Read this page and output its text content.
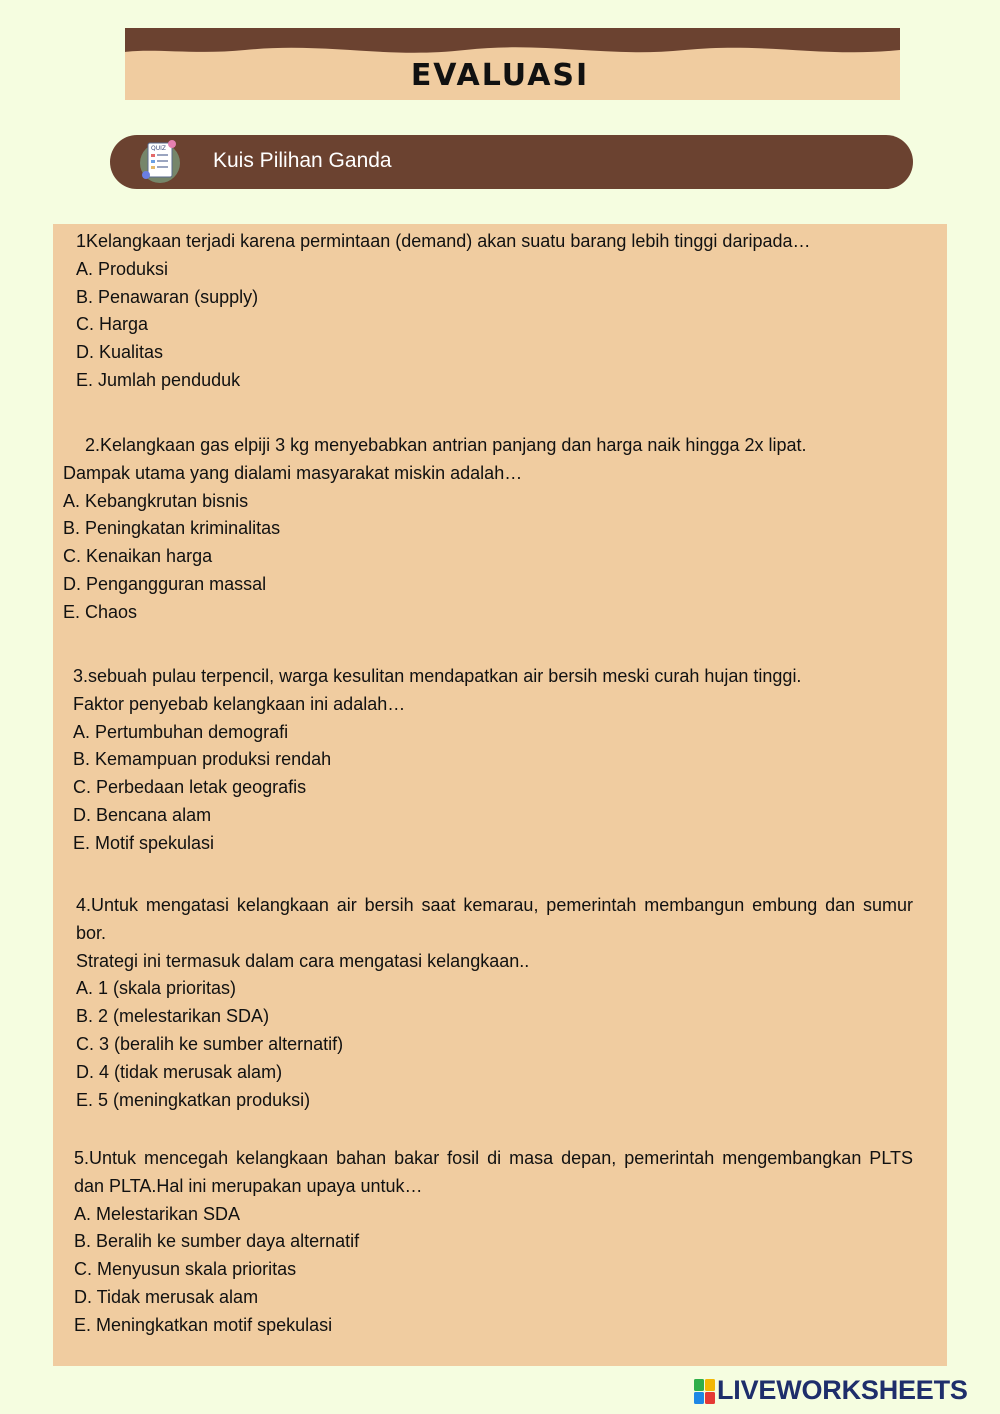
EVALUASI
QUIZ
Kuis Pilihan Ganda

1Kelangkaan terjadi karena permintaan (demand) akan suatu barang lebih tinggi daripada…

A. Produksi

B. Penawaran (supply)

C. Harga

D. Kualitas

E. Jumlah penduduk

2.Kelangkaan gas elpiji 3 kg menyebabkan antrian panjang dan harga naik hingga 2x lipat.

Dampak utama yang dialami masyarakat miskin adalah…

A. Kebangkrutan bisnis

B. Peningkatan kriminalitas

C. Kenaikan harga

D. Pengangguran massal

E. Chaos

3.sebuah pulau terpencil, warga kesulitan mendapatkan air bersih meski curah hujan tinggi.

Faktor penyebab kelangkaan ini adalah…

A. Pertumbuhan demografi

B. Kemampuan produksi rendah

C. Perbedaan letak geografis

D. Bencana alam

E. Motif spekulasi

4.Untuk mengatasi kelangkaan air bersih saat kemarau, pemerintah membangun embung dan sumur bor.

Strategi ini termasuk dalam cara mengatasi kelangkaan..

A. 1 (skala prioritas)

B. 2 (melestarikan SDA)

C. 3 (beralih ke sumber alternatif)

D. 4 (tidak merusak alam)

E. 5 (meningkatkan produksi)

5.Untuk mencegah kelangkaan bahan bakar fosil di masa depan, pemerintah mengembangkan PLTS dan PLTA.Hal ini merupakan upaya untuk…

A. Melestarikan SDA

B. Beralih ke sumber daya alternatif

C. Menyusun skala prioritas

D. Tidak merusak alam

E. Meningkatkan motif spekulasi

LIVEWORKSHEETS
